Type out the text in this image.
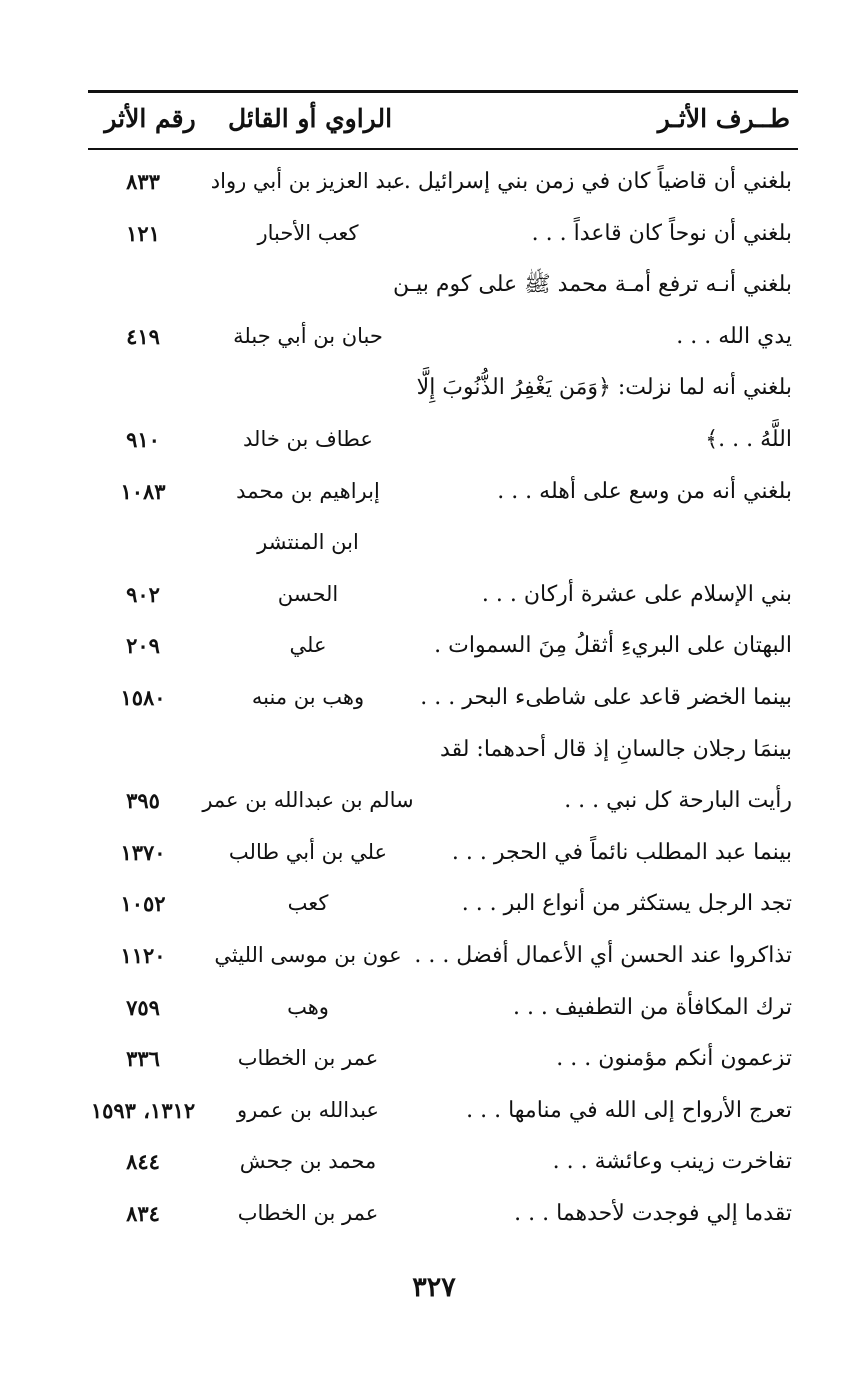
طــرف الأثـر
الراوي أو القائل
رقم الأثر
بلغني أن قاضياً كان في زمن بني إسرائيل . . .
عبد العزيز بن أبي رواد
٨٣٣
بلغني أن نوحاً كان قاعداً . . .
كعب الأحبار
١٢١
بلغني أنـه ترفع أمـة محمد ﷺ على كوم بيـن
يدي الله . . .
حبان بن أبي جبلة
٤١٩
بلغني أنه لما نزلت: ﴿وَمَن يَغْفِرُ الذُّنُوبَ إِلَّا
اللَّهُ . . .﴾
عطاف بن خالد
٩١٠
بلغني أنه من وسع على أهله . . .
إبراهيم بن محمد
١٠٨٣
ابن المنتشر
بني الإسلام على عشرة أركان . . .
الحسن
٩٠٢
البهتان على البريءِ أثقلُ مِنَ السموات .
علي
٢٠٩
بينما الخضر قاعد على شاطىء البحر . . .
وهب بن منبه
١٥٨٠
بينمَا رجلان جالسانِ إذ قال أحدهما: لقد
رأيت البارحة كل نبي . . .
سالم بن عبدالله بن عمر
٣٩٥
بينما عبد المطلب نائماً في الحجر . . .
علي بن أبي طالب
١٣٧٠
تجد الرجل يستكثر من أنواع البر . . .
كعب
١٠٥٢
تذاكروا عند الحسن أي الأعمال أفضل . . .
عون بن موسى الليثي
١١٢٠
ترك المكافأة من التطفيف . . .
وهب
٧٥٩
تزعمون أنكم مؤمنون . . .
عمر بن الخطاب
٣٣٦
تعرج الأرواح إلى الله في منامها . . .
عبدالله بن عمرو
١٣١٢، ١٥٩٣
تفاخرت زينب وعائشة . . .
محمد بن جحش
٨٤٤
تقدما إلي فوجدت لأحدهما . . .
عمر بن الخطاب
٨٣٤
٣٢٧
